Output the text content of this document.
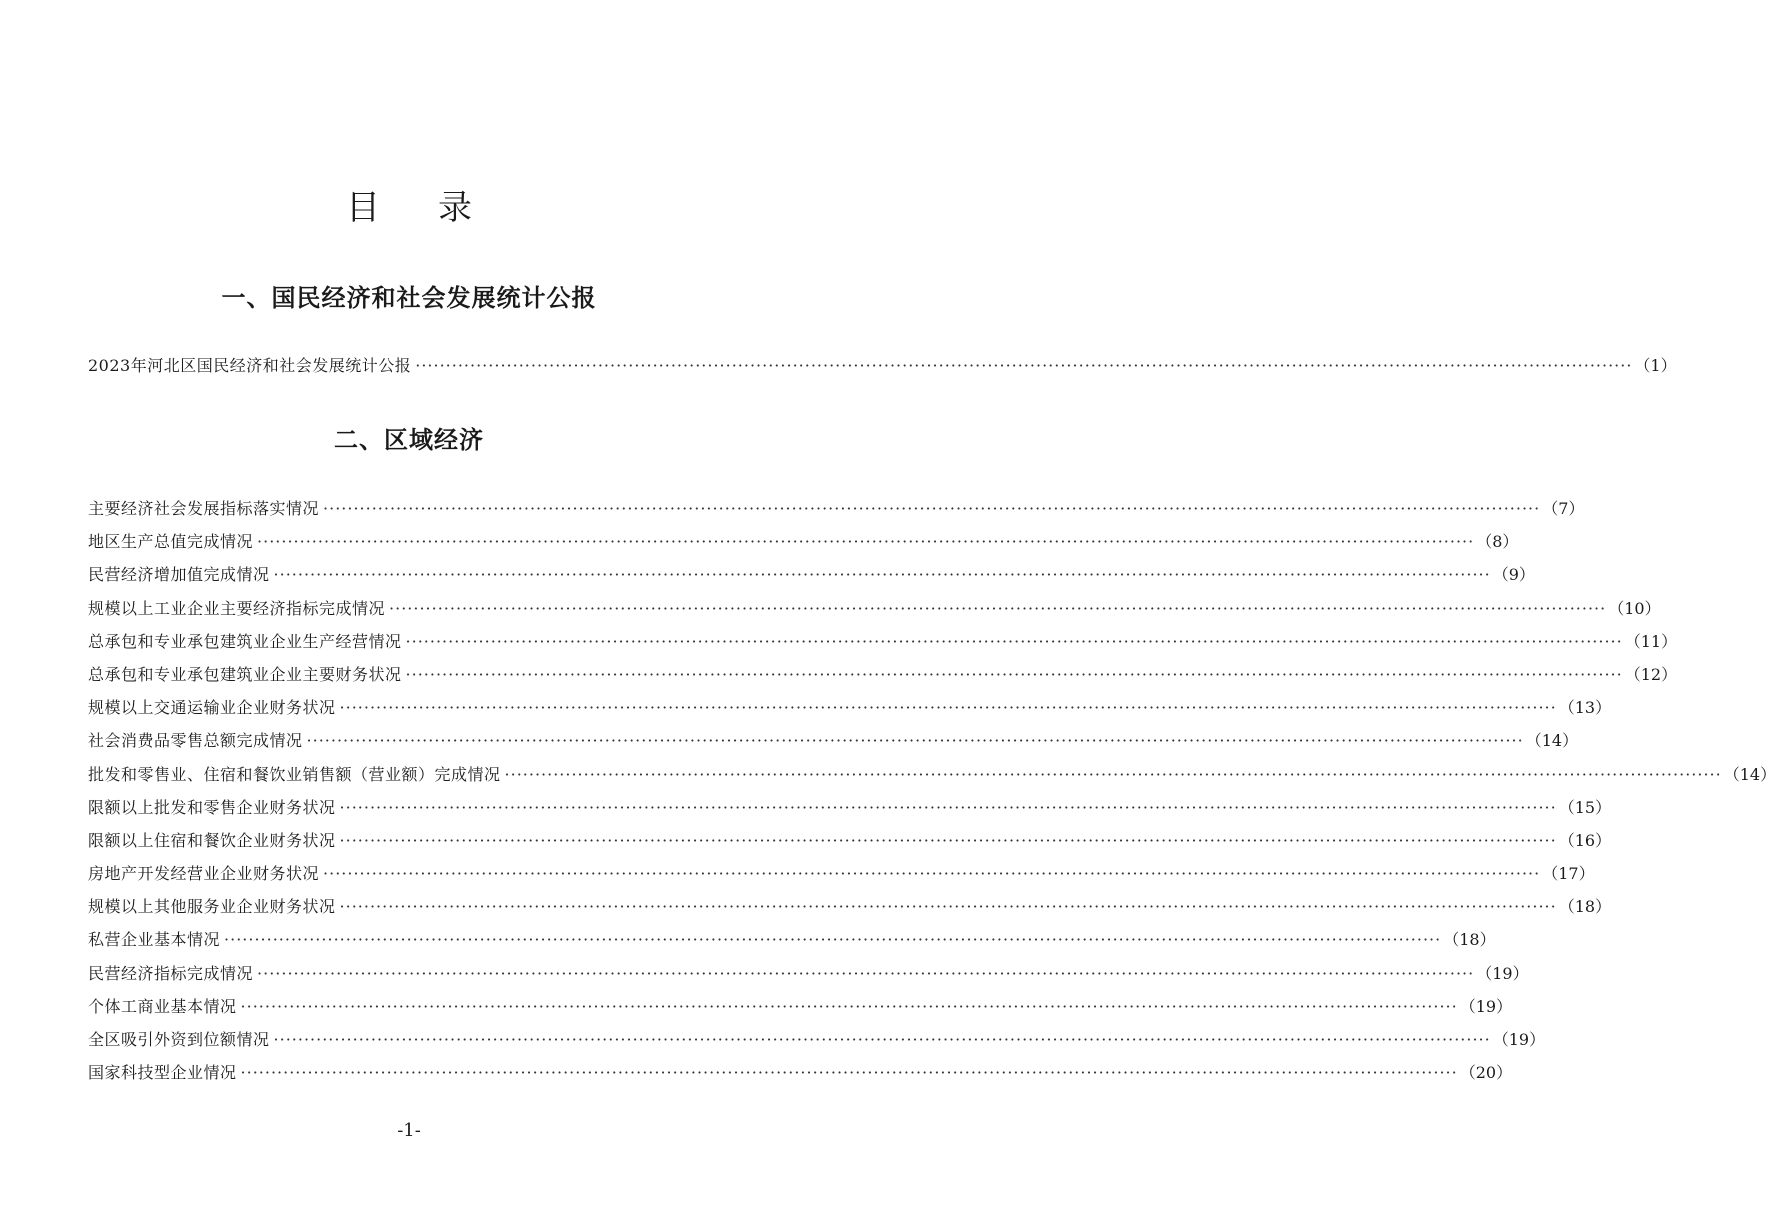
目录
一、国民经济和社会发展统计公报
2023年河北区国民经济和社会发展统计公报 ········································································································································································································ （1）
二、区域经济
主要经济社会发展指标落实情况 ········································································································································································································ （7）
地区生产总值完成情况 ········································································································································································································ （8）
民营经济增加值完成情况 ········································································································································································································ （9）
规模以上工业企业主要经济指标完成情况 ········································································································································································································ （10）
总承包和专业承包建筑业企业生产经营情况 ········································································································································································································ （11）
总承包和专业承包建筑业企业主要财务状况 ········································································································································································································ （12）
规模以上交通运输业企业财务状况 ········································································································································································································ （13）
社会消费品零售总额完成情况 ········································································································································································································ （14）
批发和零售业、住宿和餐饮业销售额（营业额）完成情况 ········································································································································································································ （14）
限额以上批发和零售企业财务状况 ········································································································································································································ （15）
限额以上住宿和餐饮企业财务状况 ········································································································································································································ （16）
房地产开发经营业企业财务状况 ········································································································································································································ （17）
规模以上其他服务业企业财务状况 ········································································································································································································ （18）
私营企业基本情况 ········································································································································································································ （18）
民营经济指标完成情况 ········································································································································································································ （19）
个体工商业基本情况 ········································································································································································································ （19）
全区吸引外资到位额情况 ········································································································································································································ （19）
国家科技型企业情况 ········································································································································································································ （20）
-1-
